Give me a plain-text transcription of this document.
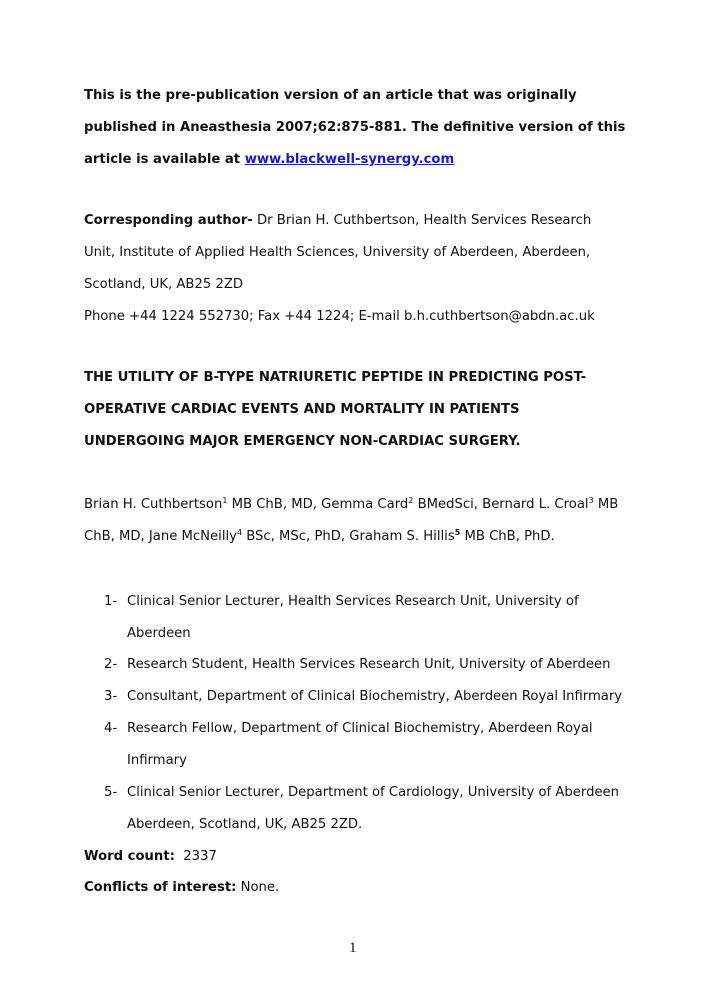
This is the pre-publication version of an article that was originally
published in Aneasthesia 2007;62:875-881. The definitive version of this
article is available at www.blackwell-synergy.com
Corresponding author- Dr Brian H. Cuthbertson, Health Services Research
Unit, Institute of Applied Health Sciences, University of Aberdeen, Aberdeen,
Scotland, UK, AB25 2ZD
Phone +44 1224 552730; Fax +44 1224; E-mail b.h.cuthbertson@abdn.ac.uk
THE UTILITY OF B-TYPE NATRIURETIC PEPTIDE IN PREDICTING POST-
OPERATIVE CARDIAC EVENTS AND MORTALITY IN PATIENTS
UNDERGOING MAJOR EMERGENCY NON-CARDIAC SURGERY.
Brian H. Cuthbertson$^1$ MB ChB, MD, Gemma Card$^2$ BMedSci, Bernard L. Croal$^3$ MB
ChB, MD, Jane McNeilly$^4$ BSc, MSc, PhD, Graham S. Hillis$^5$ MB ChB, PhD.
1- Clinical Senior Lecturer, Health Services Research Unit, University of
Aberdeen
2- Research Student, Health Services Research Unit, University of Aberdeen
3- Consultant, Department of Clinical Biochemistry, Aberdeen Royal Infirmary
4- Research Fellow, Department of Clinical Biochemistry, Aberdeen Royal
Infirmary
5- Clinical Senior Lecturer, Department of Cardiology, University of Aberdeen
Aberdeen, Scotland, UK, AB25 2ZD.
Word count: 2337
Conflicts of interest: None.
1
